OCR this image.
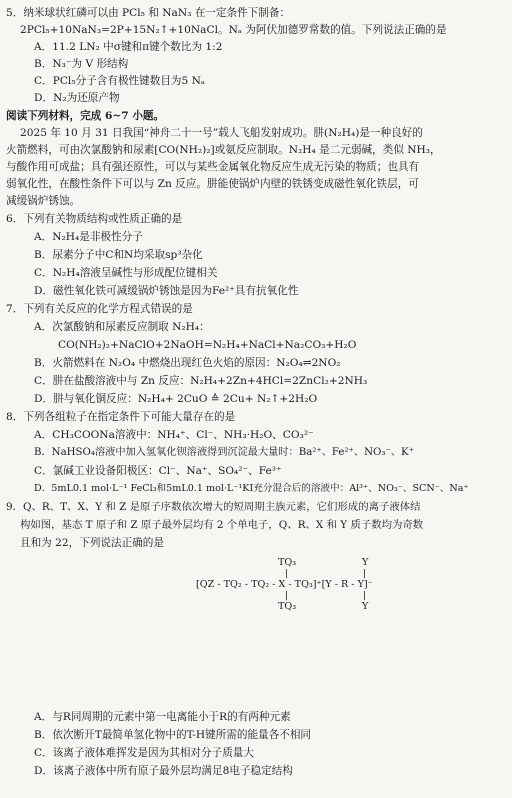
5．纳米球状红磷可以由 PCl₅ 和 NaN₃ 在一定条件下制备：
2PCl₅+10NaN₃=2P+15N₂↑+10NaCl。Nₐ 为阿伏加德罗常数的值。下列说法正确的是
A．11.2 LN₂ 中σ键和π键个数比为 1:2
B．N₃⁻为 V 形结构
C．PCl₅分子含有极性键数目为5 Nₐ
D．N₂为还原产物
阅读下列材料，完成 6~7 小题。
2025 年 10 月 31 日我国“神舟二十一号”载人飞船发射成功。肼(N₂H₄)是一种良好的
火箭燃料，可由次氯酸钠和尿素[CO(NH₂)₂]或氨反应制取。N₂H₄ 是二元弱碱，类似 NH₃，
与酸作用可成盐；具有强还原性，可以与某些金属氧化物反应生成无污染的物质；也具有
弱氧化性，在酸性条件下可以与 Zn 反应。肼能使锅炉内壁的铁锈变成磁性氧化铁层，可
减缓锅炉锈蚀。
6．下列有关物质结构或性质正确的是
A．N₂H₄是非极性分子
B．尿素分子中C和N均采取sp³杂化
C．N₂H₄溶液呈碱性与形成配位键相关
D．磁性氧化铁可减缓锅炉锈蚀是因为Fe²⁺具有抗氧化性
7．下列有关反应的化学方程式错误的是
A．次氯酸钠和尿素反应制取 N₂H₄：
CO(NH₂)₂+NaClO+2NaOH=N₂H₄+NaCl+Na₂CO₃+H₂O
B．火箭燃料在 N₂O₄ 中燃烧出现红色火焰的原因：N₂O₄⇌2NO₂
C．肼在盐酸溶液中与 Zn 反应：N₂H₄+2Zn+4HCl=2ZnCl₂+2NH₃
D．肼与氧化铜反应：N₂H₄+ 2CuO ≙ 2Cu+ N₂↑+2H₂O
8．下列各组粒子在指定条件下可能大量存在的是
A．CH₃COONa溶液中：NH₄⁺、Cl⁻、NH₃·H₂O、CO₃²⁻
B．NaHSO₄溶液中加入氢氧化钡溶液得到沉淀最大量时：Ba²⁺、Fe²⁺、NO₃⁻、K⁺
C．氯碱工业设备阳极区：Cl⁻、Na⁺、SO₄²⁻、Fe³⁺
D．5mL0.1 mol·L⁻¹ FeCl₃和5mL0.1 mol·L⁻¹KI充分混合后的溶液中：Al³⁺、NO₃⁻、SCN⁻、Na⁺
9．Q、R、T、X、Y 和 Z 是原子序数依次增大的短周期主族元素，它们形成的离子液体结
构如图，基态 T 原子和 Z 原子最外层均有 2 个单电子，Q、R、X 和 Y 质子数均为奇数
且和为 22，下列说法正确的是
TQ₃
|
[QZ - TQ₂ - TQ₂ - X - TQ₃]⁺[Y - R - Y]⁻
|
TQ₃
Y
|
|
Y
A．与R同周期的元素中第一电离能小于R的有两种元素
B．依次断开T最简单氢化物中的T-H键所需的能量各不相同
C．该离子液体难挥发是因为其相对分子质量大
D．该离子液体中所有原子最外层均满足8电子稳定结构
